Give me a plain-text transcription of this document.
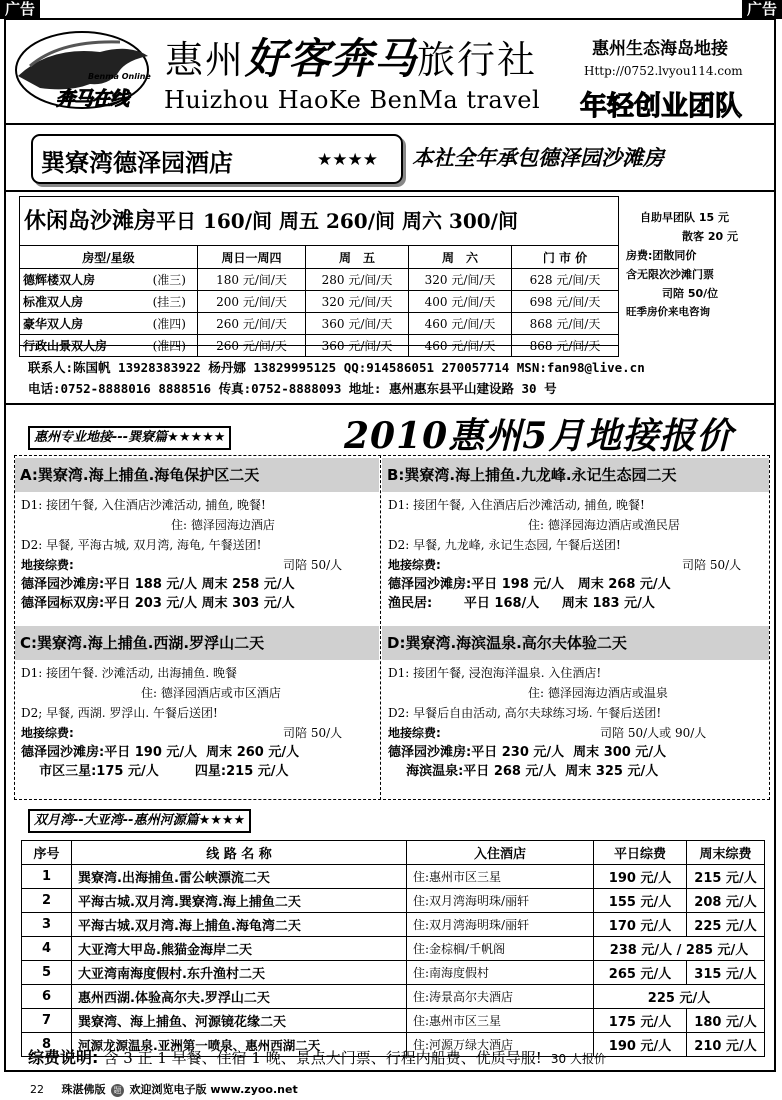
广告	广告
Benma Online
奔马在线
惠州好客奔马旅行社
Huizhou HaoKe BenMa travel
惠州生态海岛地接
Http://0752.lvyou114.com
年轻创业团队
巽寮湾德泽园酒店	★★★★ 本社全年承包德泽园沙滩房
休闲岛沙滩房平日 160/间 周五 260/间 周六 300/间
房型/星级	周日一周四	周　五	周　六	门 市 价
德辉楼双人房 (准三)	180 元/间/天	280 元/间/天	320 元/间/天	628 元/间/天
标准双人房 (挂三)	200 元/间/天	320 元/间/天	400 元/间/天	698 元/间/天
豪华双人房 (准四)	260 元/间/天	360 元/间/天	460 元/间/天	868 元/间/天
行政山景双人房 (准四)	260 元/间/天	360 元/间/天	460 元/间/天	868 元/间/天
自助早团队 15 元
散客 20 元
房费:团散同价
含无限次沙滩门票
司陪 50/位
旺季房价来电咨询
联系人:陈国帆 13928383922 杨丹娜 13829995125 QQ:914586051 270057714 MSN:fan98@live.cn
电话:0752-8888016 8888516 传真:0752-8888093 地址: 惠州惠东县平山建设路 30 号
惠州专业地接---巽寮篇★★★★★	2010惠州5月地接报价
A:巽寮湾.海上捕鱼.海龟保护区二天
D1: 接团午餐, 入住酒店沙滩活动, 捕鱼, 晚餐!
住: 德泽园海边酒店
D2: 早餐, 平海古城, 双月湾, 海龟, 午餐送团!
地接综费:	司陪 50/人
德泽园沙滩房:平日 188 元/人 周末 258 元/人
德泽园标双房:平日 203 元/人 周末 303 元/人
B:巽寮湾.海上捕鱼.九龙峰.永记生态园二天
D1: 接团午餐, 入住酒店后沙滩活动, 捕鱼, 晚餐!
住: 德泽园海边酒店或渔民居
D2: 早餐, 九龙峰, 永记生态园, 午餐后送团!
地接综费:	司陪 50/人
德泽园沙滩房:平日 198 元/人   周末 268 元/人
渔民居:       平日 168/人     周末 183 元/人
C:巽寮湾.海上捕鱼.西湖.罗浮山二天
D1: 接团午餐. 沙滩活动, 出海捕鱼. 晚餐
住: 德泽园酒店或市区酒店
D2; 早餐, 西湖. 罗浮山. 午餐后送团!
地接综费:	司陪 50/人
德泽园沙滩房:平日 190 元/人  周末 260 元/人
市区三星:175 元/人        四星:215 元/人
D:巽寮湾.海滨温泉.高尔夫体验二天
D1: 接团午餐, 浸泡海洋温泉. 入住酒店!
住: 德泽园海边酒店或温泉
D2: 早餐后自由活动, 高尔夫球练习场. 午餐后送团!
地接综费:	司陪 50/人或 90/人
德泽园沙滩房:平日 230 元/人  周末 300 元/人
海滨温泉:平日 268 元/人  周末 325 元/人
双月湾--大亚湾--惠州河源篇★★★★
序号	线 路 名 称	入住酒店	平日综费	周末综费
1	巽寮湾.出海捕鱼.雷公峡漂流二天	住:惠州市区三星	190 元/人	215 元/人
2	平海古城.双月湾.巽寮湾.海上捕鱼二天	住:双月湾海明珠/丽轩	155 元/人	208 元/人
3	平海古城.双月湾.海上捕鱼.海龟湾二天	住:双月湾海明珠/丽轩	170 元/人	225 元/人
4	大亚湾大甲岛.熊猫金海岸二天	住:金棕榈/千帆阁	238 元/人 / 285 元/人	
5	大亚湾南海度假村.东升渔村二天	住:南海度假村	265 元/人	315 元/人
6	惠州西湖.体验高尔夫.罗浮山二天	住:涛景高尔夫酒店	225 元/人	
7	巽寮湾、海上捕鱼、河源镜花缘二天	住:惠州市区三星	175 元/人	180 元/人
8	河源龙源温泉.亚洲第一喷泉、惠州西湖二天	住:河源万绿大酒店	190 元/人	210 元/人
综费说明: 含 3 正 1 早餐、住宿 1 晚、景点大门票、行程内船费、优质导服! 30 人报价
22 珠湛佛版 题 欢迎浏览电子版 www.zyoo.net
